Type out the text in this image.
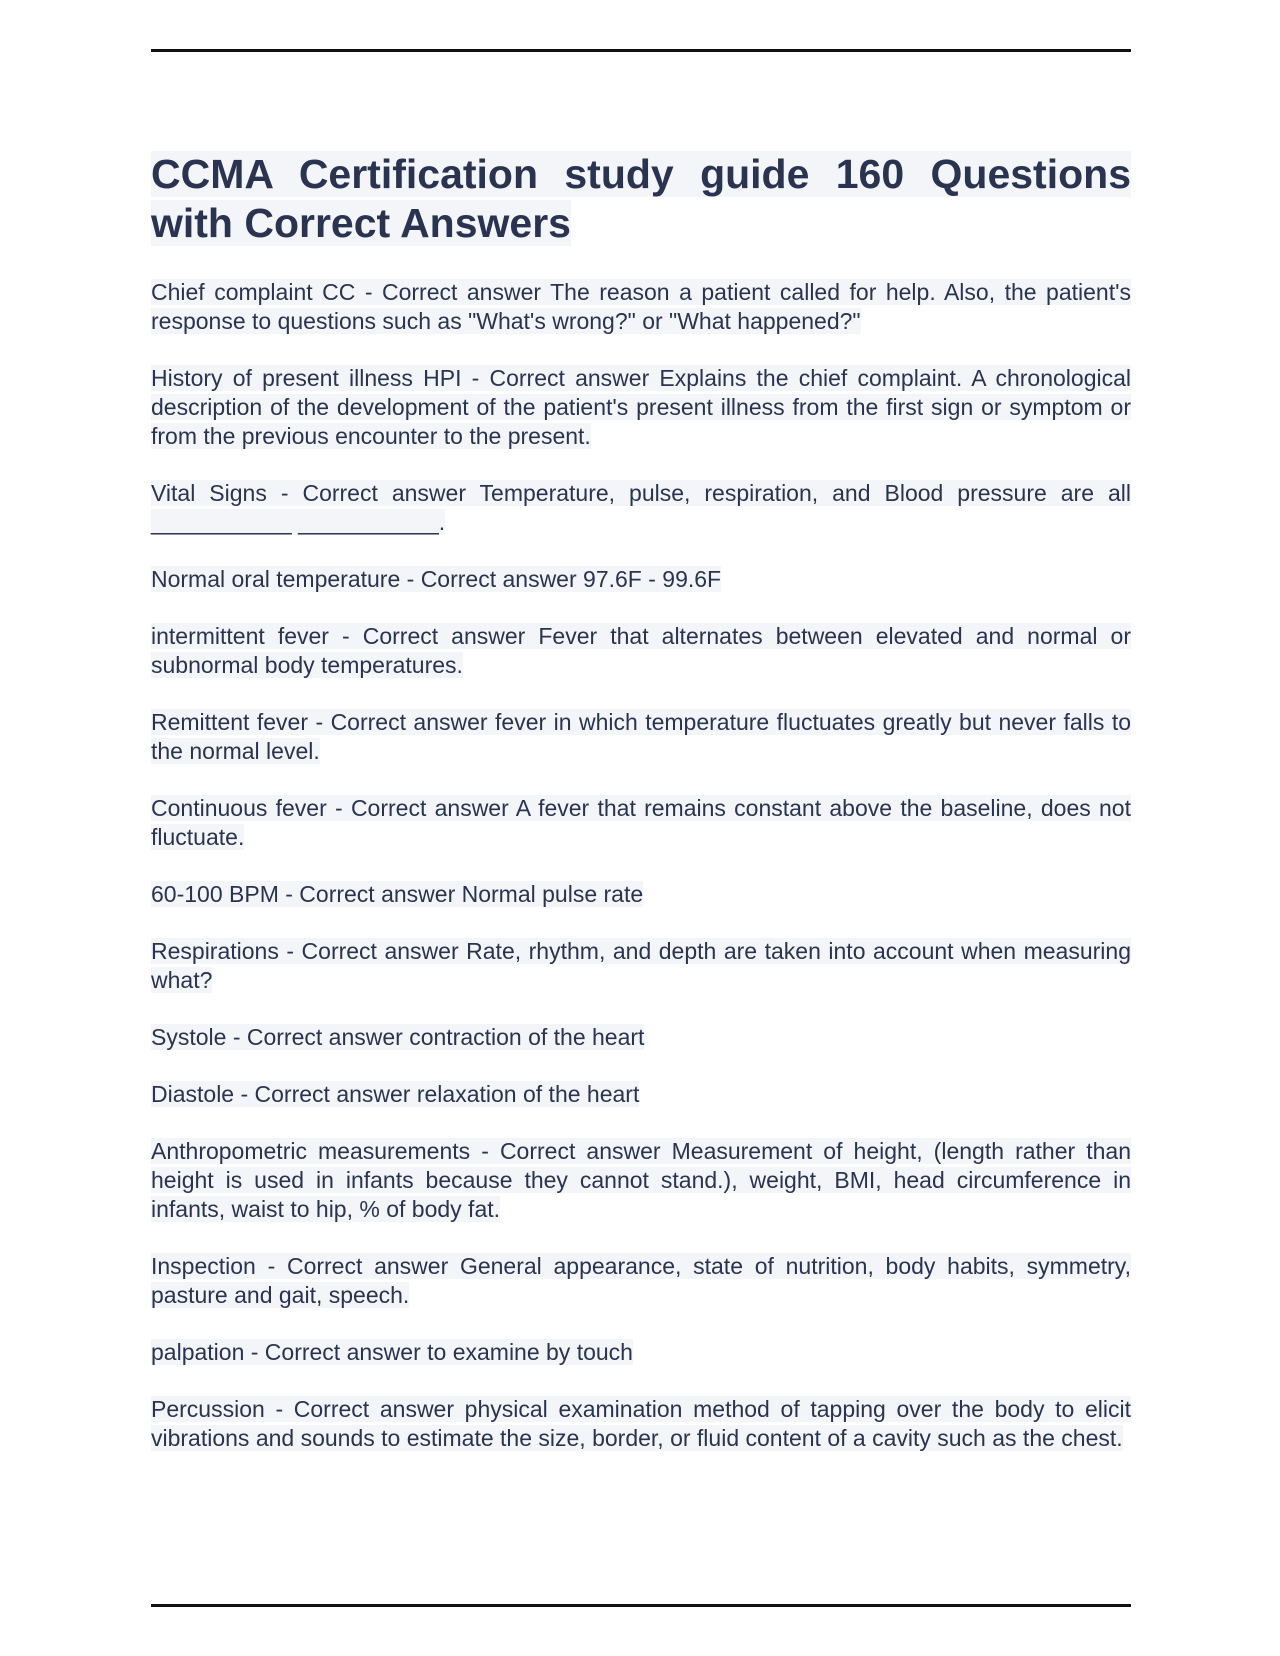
CCMA Certification study guide 160 Questions with Correct Answers

Chief complaint CC - Correct answer The reason a patient called for help. Also, the patient's response to questions such as "What's wrong?" or "What happened?"

History of present illness HPI - Correct answer Explains the chief complaint. A chronological description of the development of the patient's present illness from the first sign or symptom or from the previous encounter to the present.

Vital Signs - Correct answer Temperature, pulse, respiration, and Blood pressure are all ___________ ___________.

Normal oral temperature - Correct answer 97.6F - 99.6F

intermittent fever - Correct answer Fever that alternates between elevated and normal or subnormal body temperatures.

Remittent fever - Correct answer fever in which temperature fluctuates greatly but never falls to the normal level.

Continuous fever - Correct answer A fever that remains constant above the baseline, does not fluctuate.

60-100 BPM - Correct answer Normal pulse rate

Respirations - Correct answer Rate, rhythm, and depth are taken into account when measuring what?

Systole - Correct answer contraction of the heart

Diastole - Correct answer relaxation of the heart

Anthropometric measurements - Correct answer Measurement of height, (length rather than height is used in infants because they cannot stand.), weight, BMI, head circumference in infants, waist to hip, % of body fat.

Inspection - Correct answer General appearance, state of nutrition, body habits, symmetry, pasture and gait, speech.

palpation - Correct answer to examine by touch

Percussion - Correct answer physical examination method of tapping over the body to elicit vibrations and sounds to estimate the size, border, or fluid content of a cavity such as the chest.
